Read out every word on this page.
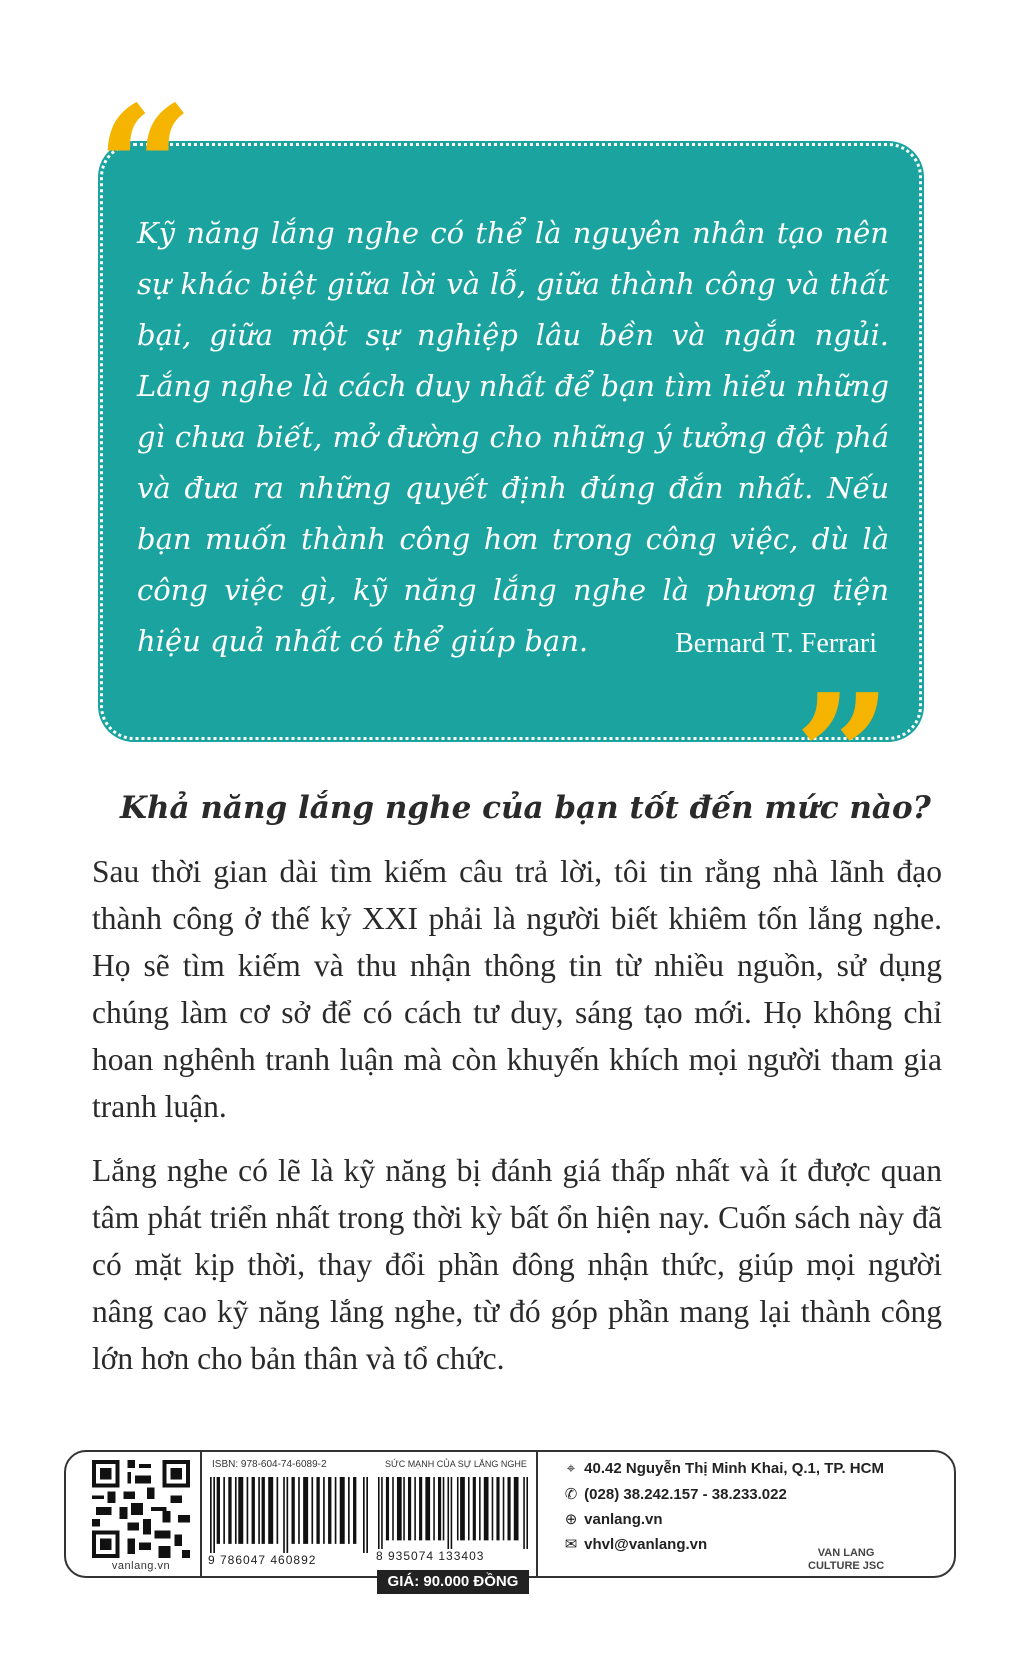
“

Kỹ năng lắng nghe có thể là nguyên nhân tạo nên sự khác biệt giữa lời và lỗ, giữa thành công và thất bại, giữa một sự nghiệp lâu bền và ngắn ngủi. Lắng nghe là cách duy nhất để bạn tìm hiểu những gì chưa biết, mở đường cho những ý tưởng đột phá và đưa ra những quyết định đúng đắn nhất. Nếu bạn muốn thành công hơn trong công việc, dù là công việc gì, kỹ năng lắng nghe là phương tiện hiệu quả nhất có thể giúp bạn.	Bernard T. Ferrari
”
Khả năng lắng nghe của bạn tốt đến mức nào?

Sau thời gian dài tìm kiếm câu trả lời, tôi tin rằng nhà lãnh đạo thành công ở thế kỷ XXI phải là người biết khiêm tốn lắng nghe. Họ sẽ tìm kiếm và thu nhận thông tin từ nhiều nguồn, sử dụng chúng làm cơ sở để có cách tư duy, sáng tạo mới. Họ không chỉ hoan nghênh tranh luận mà còn khuyến khích mọi người tham gia tranh luận.

Lắng nghe có lẽ là kỹ năng bị đánh giá thấp nhất và ít được quan tâm phát triển nhất trong thời kỳ bất ổn hiện nay. Cuốn sách này đã có mặt kịp thời, thay đổi phần đông nhận thức, giúp mọi người nâng cao kỹ năng lắng nghe, từ đó góp phần mang lại thành công lớn hơn cho bản thân và tổ chức.

vanlang.vn
ISBN: 978-604-74-6089-2	SỨC MẠNH CỦA SỰ LẮNG NGHE
9 786047 460892	8 935074 133403
GIÁ: 90.000 ĐỒNG
⌖ 40.42 Nguyễn Thị Minh Khai, Q.1, TP. HCM
✆ (028) 38.242.157 - 38.233.022
⊕ vanlang.vn
✉ vhvl@vanlang.vn	VAN LANG
CULTURE JSC
